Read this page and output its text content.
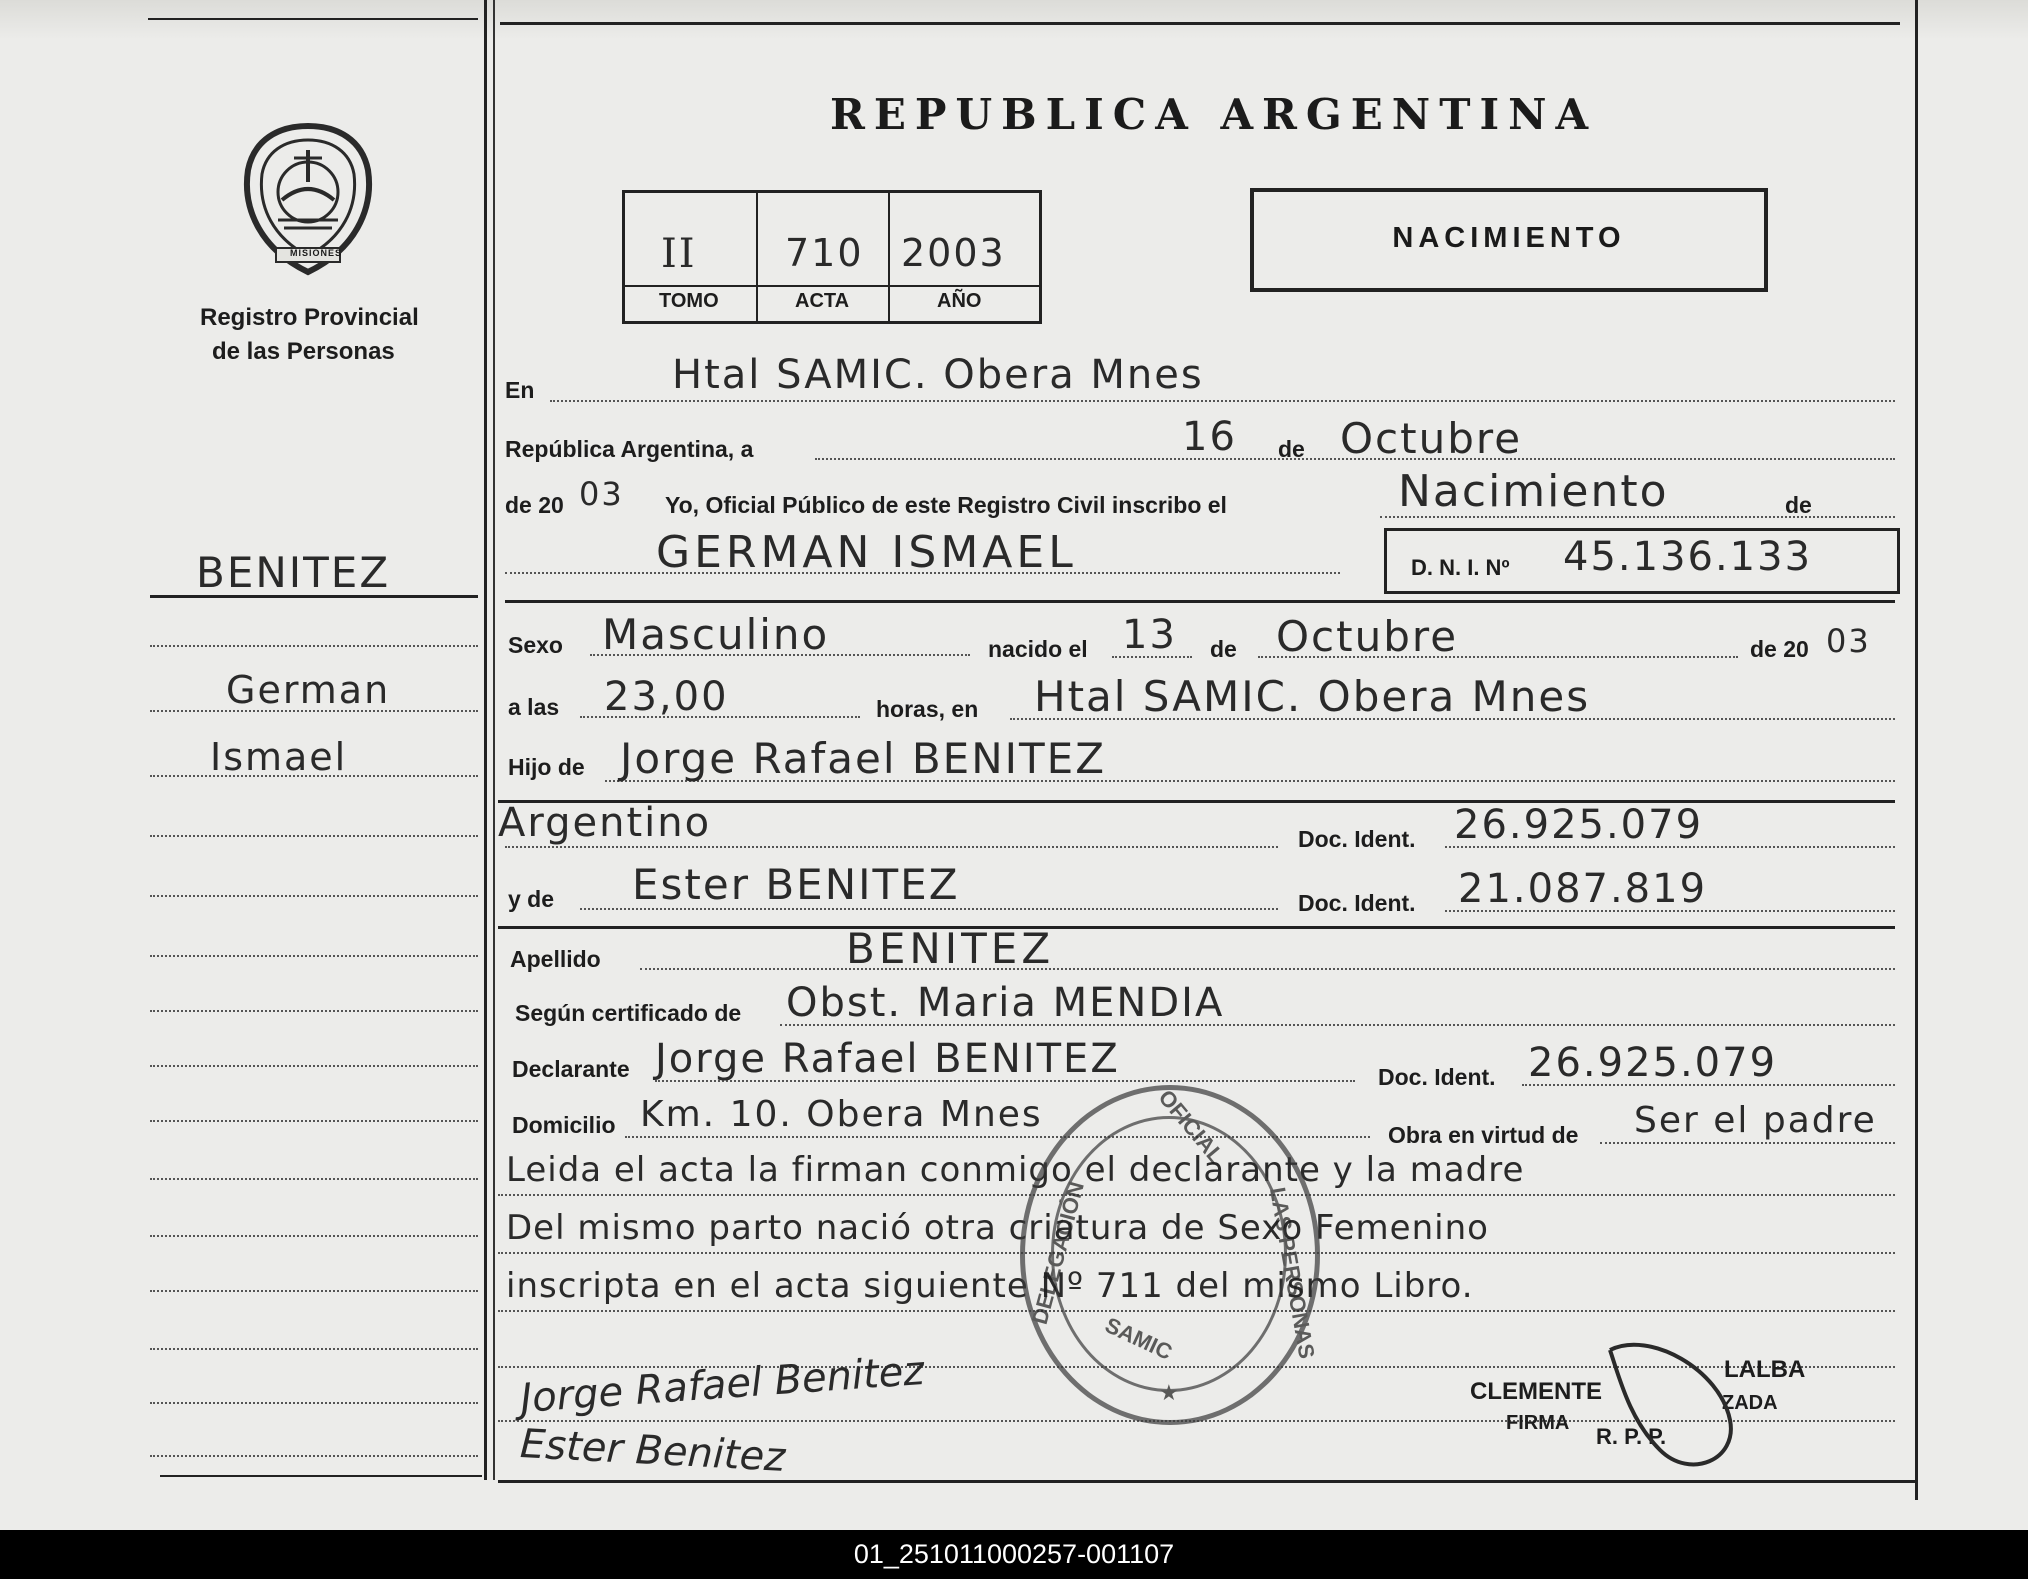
MISIONES
Registro Provincial
de las Personas
BENITEZ
German
Ismael
REPUBLICA ARGENTINA
II 710 2003
TOMO	ACTA	AÑO
NACIMIENTO
En	Htal SAMIC. Obera Mnes
República Argentina, a	16 de Octubre
de 20 03 Yo, Oficial Público de este Registro Civil inscribo el	Nacimiento	de
GERMAN ISMAEL	D. N. I. Nº 45.136.133
Sexo Masculino	nacido el 13 de Octubre	de 20 03
a las 23,00	horas, en Htal SAMIC. Obera Mnes
Hijo de Jorge Rafael BENITEZ
Argentino	Doc. Ident. 26.925.079
y de Ester BENITEZ	Doc. Ident. 21.087.819
Apellido	BENITEZ
Según certificado de Obst. Maria MENDIA
Declarante Jorge Rafael BENITEZ	Doc. Ident. 26.925.079
Domicilio Km. 10. Obera Mnes	Obra en virtud de Ser el padre
Leida el acta la firman conmigo el declarante y la madre
Del mismo parto nació otra criatura de Sexo Femenino
inscripta en el acta siguiente Nº 711 del mismo Libro.
OFICIAL
DELEGACIÓN	LAS PERSONAS
SAMIC
★
Jorge Rafael Benitez
Ester Benitez
CLEMENTE
LALBA
FIRMA
ZADA
R. P. P.
01_251011000257-001107
